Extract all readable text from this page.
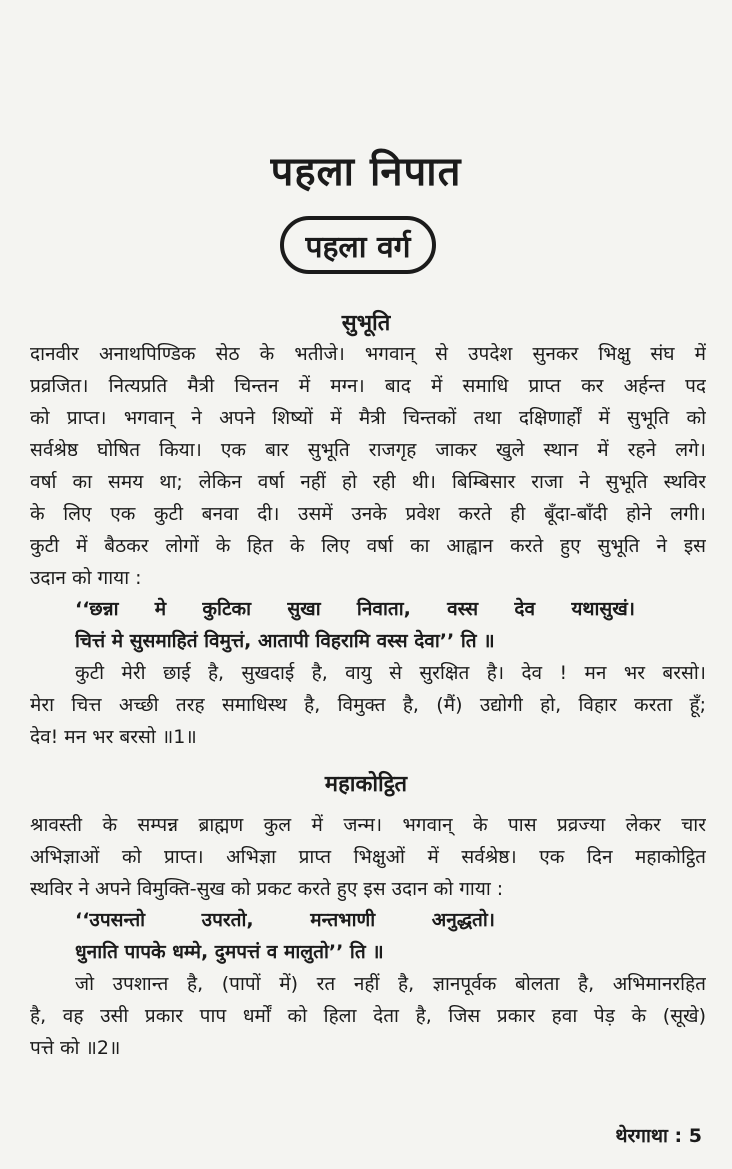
पहला निपात
पहला वर्ग
सुभूति
दानवीर अनाथपिण्डिक सेठ के भतीजे। भगवान् से उपदेश सुनकर भिक्षु संघ में
प्रव्रजित। नित्यप्रति मैत्री चिन्तन में मग्न। बाद में समाधि प्राप्त कर अर्हन्त पद
को प्राप्त। भगवान् ने अपने शिष्यों में मैत्री चिन्तकों तथा दक्षिणार्हों में सुभूति को
सर्वश्रेष्ठ घोषित किया। एक बार सुभूति राजगृह जाकर खुले स्थान में रहने लगे।
वर्षा का समय था; लेकिन वर्षा नहीं हो रही थी। बिम्बिसार राजा ने सुभूति स्थविर
के लिए एक कुटी बनवा दी। उसमें उनके प्रवेश करते ही बूँदा-बाँदी होने लगी।
कुटी में बैठकर लोगों के हित के लिए वर्षा का आह्वान करते हुए सुभूति ने इस
उदान को गाया :
‘‘छन्ना मे कुटिका सुखा निवाता, वस्स देव यथासुखं।
चित्तं मे सुसमाहितं विमुत्तं, आतापी विहरामि वस्स देवा’’ ति ॥
कुटी मेरी छाई है, सुखदाई है, वायु से सुरक्षित है। देव ! मन भर बरसो।
मेरा चित्त अच्छी तरह समाधिस्थ है, विमुक्त है, (मैं) उद्योगी हो, विहार करता हूँ;
देव! मन भर बरसो ॥1॥
महाकोट्ठित
श्रावस्ती के सम्पन्न ब्राह्मण कुल में जन्म। भगवान् के पास प्रव्रज्या लेकर चार
अभिज्ञाओं को प्राप्त। अभिज्ञा प्राप्त भिक्षुओं में सर्वश्रेष्ठ। एक दिन महाकोट्ठित
स्थविर ने अपने विमुक्ति-सुख को प्रकट करते हुए इस उदान को गाया :
‘‘उपसन्तो उपरतो, मन्तभाणी अनुद्धतो।
धुनाति पापके धम्मे, दुमपत्तं व मालुतो’’ ति ॥
जो उपशान्त है, (पापों में) रत नहीं है, ज्ञानपूर्वक बोलता है, अभिमानरहित
है, वह उसी प्रकार पाप धर्मों को हिला देता है, जिस प्रकार हवा पेड़ के (सूखे)
पत्ते को ॥2॥
थेरगाथा : 5
